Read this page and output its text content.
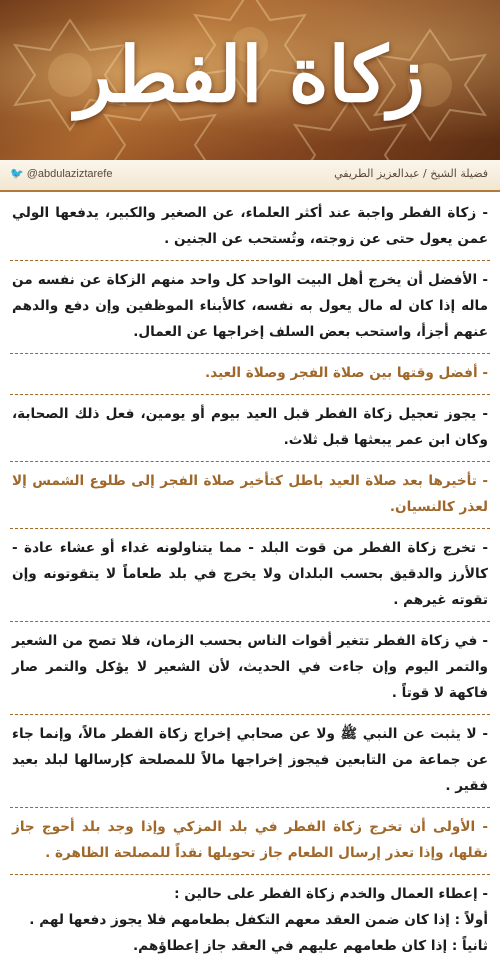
زكاة الفطر
🐦 @abdulaziztarefe	فضيلة الشيخ / عبدالعزيز الطريفي
- زكاة الفطر واجبة عند أكثر العلماء، عن الصغير والكبير، يدفعها الولي عمن يعول حتى عن زوجته، وتُستحب عن الجنين .
- الأفضل أن يخرج أهل البيت الواحد كل واحد منهم الزكاة عن نفسه من ماله إذا كان له مال يعول به نفسه، كالأبناء الموظفين وإن دفع والدهم عنهم أجزأ، واستحب بعض السلف إخراجها عن العمال.
- أفضل وقتها بين صلاة الفجر وصلاة العيد.
- يجوز تعجيل زكاة الفطر قبل العيد بيوم أو يومين، فعل ذلك الصحابة، وكان ابن عمر يبعثها قبل ثلاث.
- تأخيرها بعد صلاة العيد باطل كتأخير صلاة الفجر إلى طلوع الشمس إلا لعذر كالنسيان.
- تخرج زكاة الفطر من قوت البلد - مما يتناولونه غداء أو عشاء عادة - كالأرز والدقيق بحسب البلدان ولا يخرج في بلد طعاماً لا يتقوتونه وإن تقوته غيرهم .
- في زكاة الفطر تتغير أقوات الناس بحسب الزمان، فلا تصح من الشعير والتمر اليوم وإن جاءت في الحديث، لأن الشعير لا يؤكل والتمر صار فاكهة لا قوتاً .
- لا يثبت عن النبي ﷺ ولا عن صحابي إخراج زكاة الفطر مالاً، وإنما جاء عن جماعة من التابعين فيجوز إخراجها مالاً للمصلحة كإرسالها لبلد بعيد فقير .
- الأولى أن تخرج زكاة الفطر في بلد المزكي وإذا وجد بلد أحوج جاز نقلها، وإذا تعذر إرسال الطعام جاز تحويلها نقداً للمصلحة الظاهرة .
- إعطاء العمال والخدم زكاة الفطر على حالين :
أولاً : إذا كان ضمن العقد معهم التكفل بطعامهم فلا يجوز دفعها لهم .
ثانياً : إذا كان طعامهم عليهم في العقد جاز إعطاؤهم.
